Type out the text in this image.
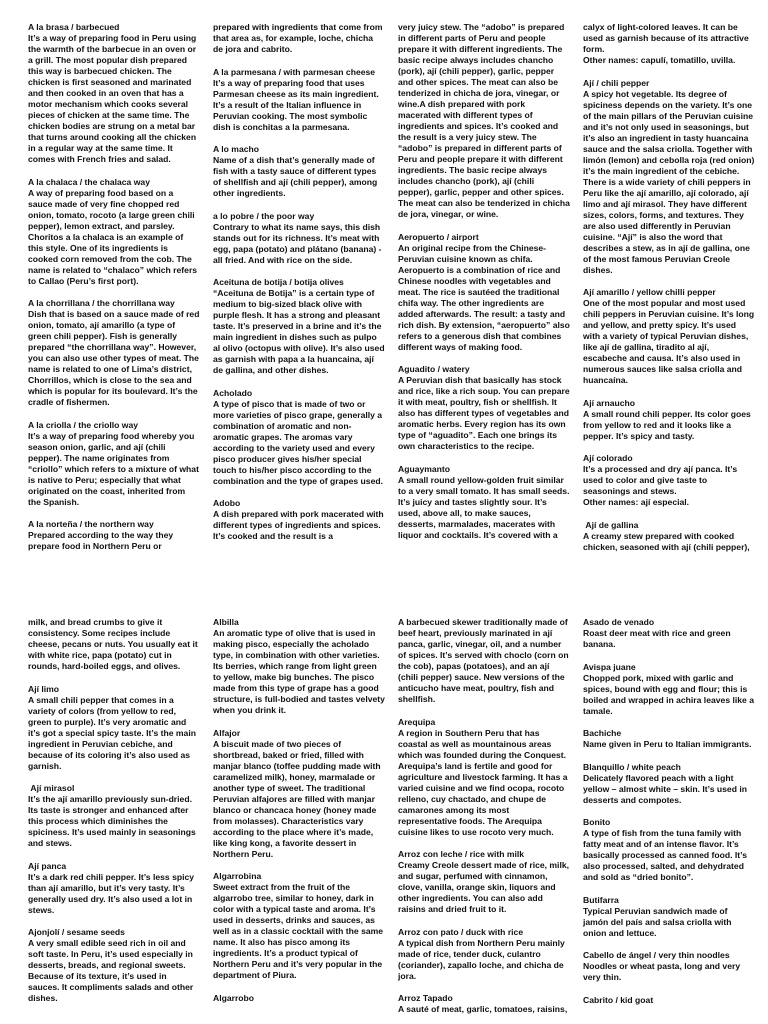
A la brasa / barbecued
It’s a way of preparing food in Peru using the warmth of the barbecue in an oven or a grill. The most popular dish prepared this way is barbecued chicken. The chicken is first seasoned and marinated and then cooked in an oven that has a motor mechanism which cooks several pieces of chicken at the same time. The chicken bodies are strung on a metal bar that turns around cooking all the chicken in a regular way at the same time. It comes with French fries and salad.
A la chalaca / the chalaca way
A way of preparing food based on a sauce made of very fine chopped red onion, tomato, rocoto (a large green chili pepper), lemon extract, and parsley. Choritos a la chalaca is an example of this style. One of its ingredients is cooked corn removed from the cob. The name is related to “chalaco” which refers to Callao (Peru’s first port).
A la chorrillana / the chorrillana way
Dish that is based on a sauce made of red onion, tomato, ají amarillo (a type of green chili pepper). Fish is generally prepared “the chorrillana way”. However, you can also use other types of meat. The name is related to one of Lima’s district, Chorrillos, which is close to the sea and which is popular for its boulevard. It’s the cradle of fishermen.
A la criolla / the criollo way
It’s a way of preparing food whereby you season onion, garlic, and ají (chili pepper). The name originates from “criollo” which refers to a mixture of what is native to Peru; especially that what originated on the coast, inherited from the Spanish.
A la norteña / the northern way
Prepared according to the way they prepare food in Northern Peru or
prepared with ingredients that come from that area as, for example, loche, chicha de jora and cabrito.
A la parmesana / with parmesan cheese
It’s a way of preparing food that uses Parmesan cheese as its main ingredient. It’s a result of the Italian influence in Peruvian cooking. The most symbolic dish is conchitas a la parmesana.
A lo macho
Name of a dish that’s generally made of fish with a tasty sauce of different types of shellfish and ají (chili pepper), among other ingredients.
a lo pobre / the poor way
Contrary to what its name says, this dish stands out for its richness. It’s meat with egg, papa (potato) and plátano (banana) - all fried. And with rice on the side.
Aceituna de botija / botija olives
“Aceituna de Botija” is a certain type of medium to big-sized black olive with purple flesh. It has a strong and pleasant taste. It’s preserved in a brine and it’s the main ingredient in dishes such as pulpo al olivo (octopus with olive). It’s also used as garnish with papa a la huancaina, ají de gallina, and other dishes.
Acholado
A type of pisco that is made of two or more varieties of pisco grape, generally a combination of aromatic and non-aromatic grapes. The aromas vary according to the variety used and every pisco producer gives his/her special touch to his/her pisco according to the combination and the type of grapes used.
Adobo
A dish prepared with pork macerated with different types of ingredients and spices. It’s cooked and the result is a
very juicy stew. The “adobo” is prepared in different parts of Peru and people prepare it with different ingredients. The basic recipe always includes chancho (pork), ají (chili pepper), garlic, pepper and other spices. The meat can also be tenderized in chicha de jora, vinegar, or wine.A dish prepared with pork macerated with different types of ingredients and spices. It’s cooked and the result is a very juicy stew. The “adobo” is prepared in different parts of Peru and people prepare it with different ingredients. The basic recipe always includes chancho (pork), ají (chili pepper), garlic, pepper and other spices. The meat can also be tenderized in chicha de jora, vinegar, or wine.
Aeropuerto / airport
An original recipe from the Chinese-Peruvian cuisine known as chifa. Aeropuerto is a combination of rice and Chinese noodles with vegetables and meat. The rice is sautéed the traditional chifa way. The other ingredients are added afterwards. The result: a tasty and rich dish. By extension, “aeropuerto” also refers to a generous dish that combines different ways of making food.
Aguadito / watery
A Peruvian dish that basically has stock and rice, like a rich soup. You can prepare it with meat, poultry, fish or shellfish. It also has different types of vegetables and aromatic herbs. Every region has its own type of “aguadito”. Each one brings its own characteristics to the recipe.
Aguaymanto
A small round yellow-golden fruit similar to a very small tomato. It has small seeds. It’s juicy and tastes slightly sour. It’s used, above all, to make sauces, desserts, marmalades, macerates with liquor and cocktails. It’s covered with a
calyx of light-colored leaves. It can be used as garnish because of its attractive form.
Other names: capulí, tomatillo, uvilla.
Ají / chili pepper
A spicy hot vegetable. Its degree of spiciness depends on the variety. It’s one of the main pillars of the Peruvian cuisine and it’s not only used in seasonings, but it’s also an ingredient in tasty huancaina sauce and the salsa criolla. Together with limón (lemon) and cebolla roja (red onion) it’s the main ingredient of the cebiche. There is a wide variety of chili peppers in Peru like the ají amarillo, ají colorado, ají limo and ají mirasol. They have different sizes, colors, forms, and textures. They are also used differently in Peruvian cuisine. “Ají” is also the word that describes a stew, as in ají de gallina, one of the most famous Peruvian Creole dishes.
Ají amarillo / yellow chilli pepper
One of the most popular and most used chili peppers in Peruvian cuisine. It’s long and yellow, and pretty spicy. It’s used with a variety of typical Peruvian dishes, like ají de gallina, tiradito al ají, escabeche and causa. It’s also used in numerous sauces like salsa criolla and huancaína.
Ají arnaucho
A small round chili pepper. Its color goes from yellow to red and it looks like a pepper. It’s spicy and tasty.
Ají colorado
It’s a processed and dry ají panca. It’s used to color and give taste to seasonings and stews.
Other names: ají especial.
Ají de gallina
A creamy stew prepared with cooked chicken, seasoned with ají (chili pepper),
milk, and bread crumbs to give it consistency. Some recipes include cheese, pecans or nuts. You usually eat it with white rice, papa (potato) cut in rounds, hard-boiled eggs, and olives.
Ají limo
A small chili pepper that comes in a variety of colors (from yellow to red, green to purple). It’s very aromatic and it’s got a special spicy taste. It’s the main ingredient in Peruvian cebiche, and because of its coloring it’s also used as garnish.
Ají mirasol
It’s the ají amarillo previously sun-dried. Its taste is stronger and enhanced after this process which diminishes the spiciness. It’s used mainly in seasonings and stews.
Ají panca
It’s a dark red chili pepper. It’s less spicy than ají amarillo, but it’s very tasty. It’s generally used dry. It’s also used a lot in stews.
Ajonjolí / sesame seeds
A very small edible seed rich in oil and soft taste. In Peru, it’s used especially in desserts, breads, and regional sweets. Because of its texture, it’s used in sauces. It compliments salads and other dishes.
Albilla
An aromatic type of olive that is used in making pisco, especially the acholado type, in combination with other varieties. Its berries, which range from light green to yellow, make big bunches. The pisco made from this type of grape has a good structure, is full-bodied and tastes velvety when you drink it.
Alfajor
A biscuit made of two pieces of shortbread, baked or fried, filled with manjar blanco (toffee pudding made with caramelized milk), honey, marmalade or another type of sweet. The traditional Peruvian alfajores are filled with manjar blanco or chancaca honey (honey made from molasses). Characteristics vary according to the place where it’s made, like king kong, a favorite dessert in Northern Peru.
Algarrobina
Sweet extract from the fruit of the algarrobo tree, similar to honey, dark in color with a typical taste and aroma. It’s used in desserts, drinks and sauces, as well as in a classic cocktail with the same name. It also has pisco among its ingredients. It’s a product typical of Northern Peru and it’s very popular in the department of Piura.
Algarrobo
A barbecued skewer traditionally made of beef heart, previously marinated in ají panca, garlic, vinegar, oil, and a number of spices. It’s served with choclo (corn on the cob), papas (potatoes), and an ají (chili pepper) sauce. New versions of the anticucho have meat, poultry, fish and shellfish.
Arequipa
A region in Southern Peru that has coastal as well as mountainous areas which was founded during the Conquest. Arequipa’s land is fertile and good for agriculture and livestock farming. It has a varied cuisine and we find ocopa, rocoto relleno, cuy chactado, and chupe de camarones among its most representative foods. The Arequipa cuisine likes to use rocoto very much.
Arroz con leche / rice with milk
Creamy Creole dessert made of rice, milk, and sugar, perfumed with cinnamon, clove, vanilla, orange skin, liquors and other ingredients. You can also add raisins and dried fruit to it.
Arroz con pato / duck with rice
A typical dish from Northern Peru mainly made of rice, tender duck, culantro (coriander), zapallo loche, and chicha de jora.
Arroz Tapado
A sauté of meat, garlic, tomatoes, raisins,
Asado de venado
Roast deer meat with rice and green banana.
Avispa juane
Chopped pork, mixed with garlic and spices, bound with egg and flour; this is boiled and wrapped in achira leaves like a tamale.
Bachiche
Name given in Peru to Italian immigrants.
Blanquillo / white peach
Delicately flavored peach with a light yellow – almost white – skin. It’s used in desserts and compotes.
Bonito
A type of fish from the tuna family with fatty meat and of an intense flavor. It’s basically processed as canned food. It’s also processed, salted, and dehydrated and sold as “dried bonito”.
Butifarra
Typical Peruvian sandwich made of jamón del país and salsa criolla with onion and lettuce.
Cabello de ángel / very thin noodles
Noodles or wheat pasta, long and very very thin.
Cabrito / kid goat
